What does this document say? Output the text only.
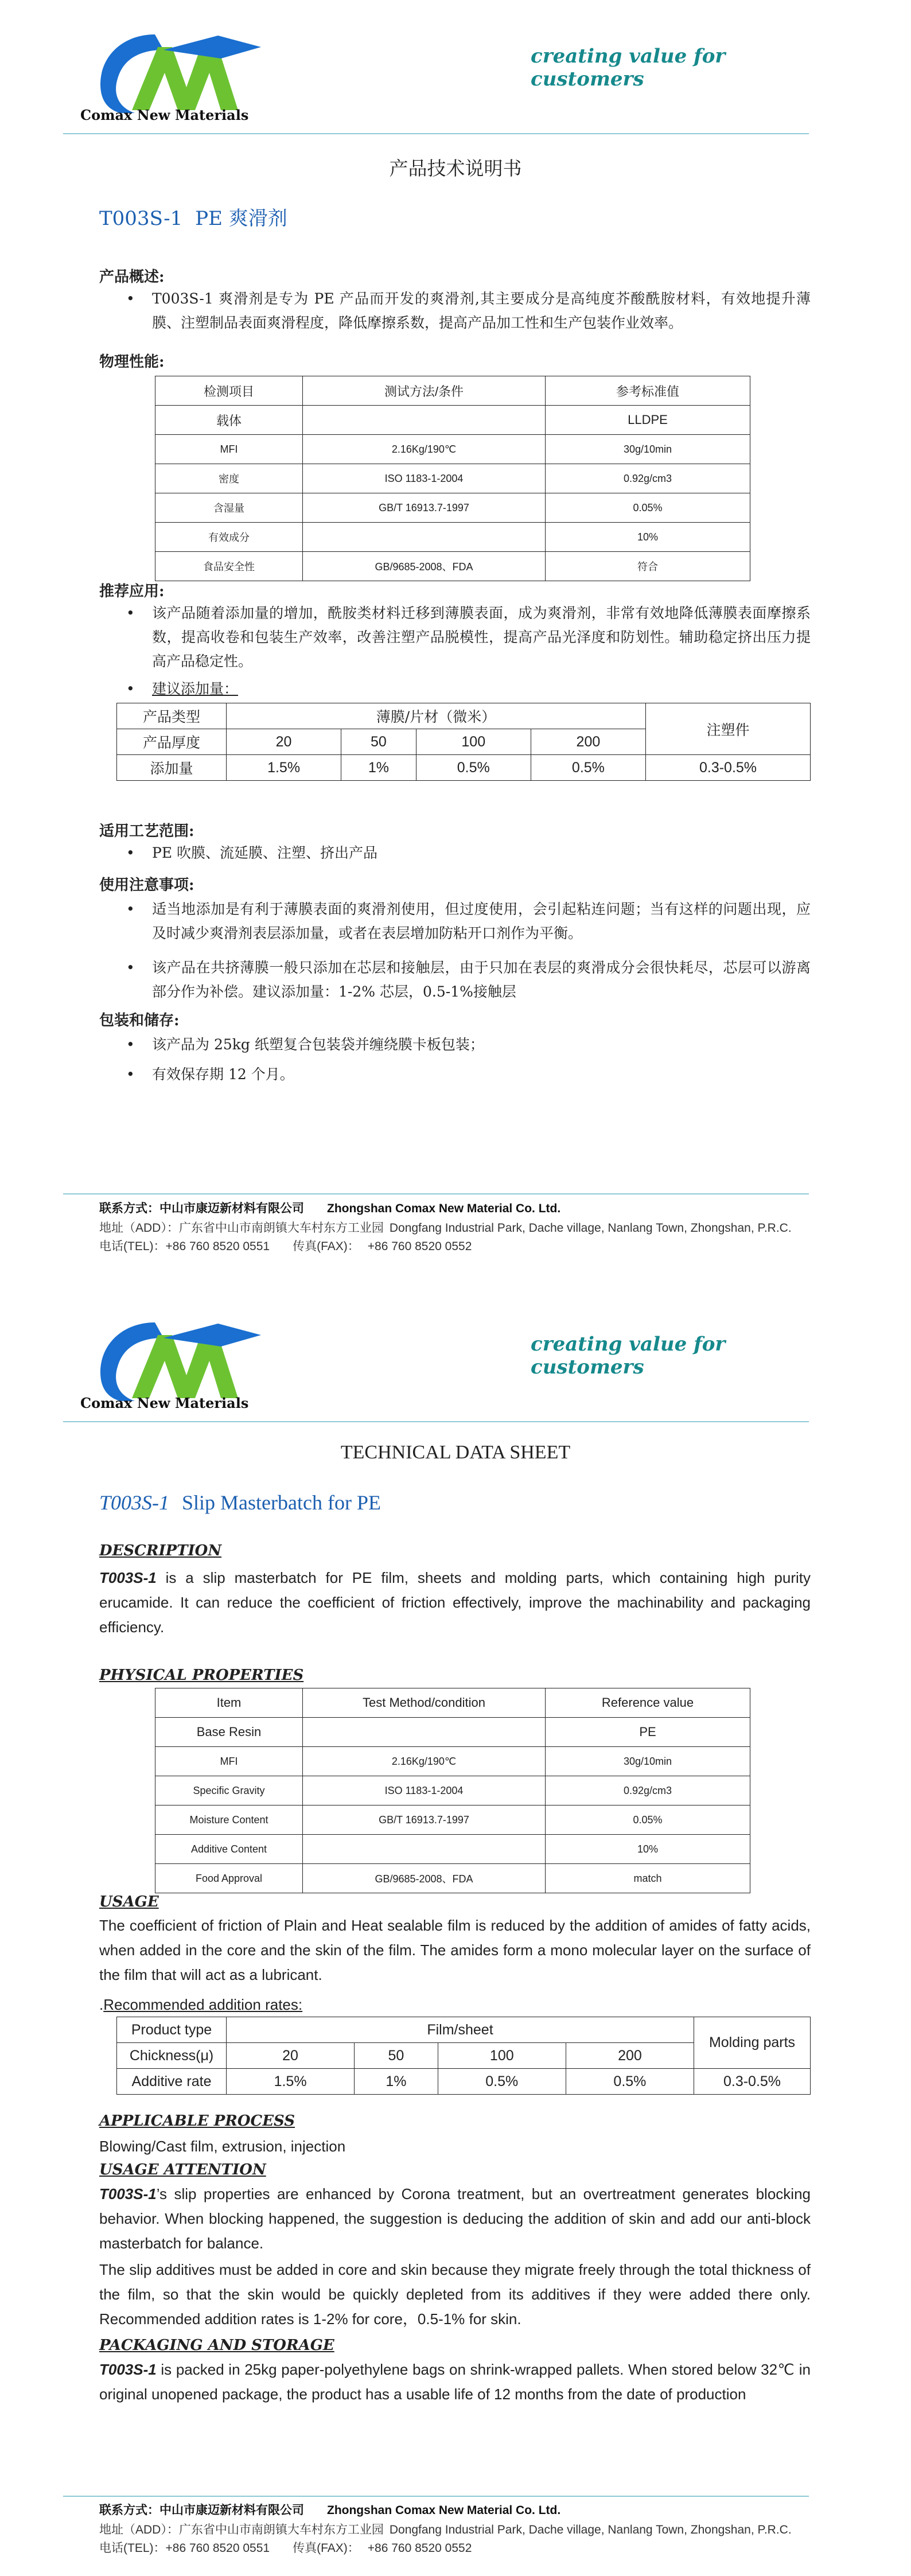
Comax New Materials
creating value for customers
产品技术说明书
T003S-1 PE 爽滑剂
产品概述:
• T003S-1 爽滑剂是专为 PE 产品而开发的爽滑剂,其主要成分是高纯度芥酸酰胺材料，有效地提升薄膜、注塑制品表面爽滑程度，降低摩擦系数，提高产品加工性和生产包装作业效率。
物理性能:
检测项目	测试方法/条件	参考标准值
载体		LLDPE
MFI	2.16Kg/190℃	30g/10min
密度	ISO 1183-1-2004	0.92g/cm3
含湿量	GB/T 16913.7-1997	0.05%
有效成分		10%
食品安全性	GB/9685-2008、FDA	符合
推荐应用:
• 该产品随着添加量的增加，酰胺类材料迁移到薄膜表面，成为爽滑剂，非常有效地降低薄膜表面摩擦系数，提高收卷和包装生产效率，改善注塑产品脱模性，提高产品光泽度和防划性。辅助稳定挤出压力提高产品稳定性。
• 建议添加量：
产品类型	薄膜/片材（微米）				注塑件
产品厚度	20	50	100	200	
添加量	1.5%	1%	0.5%	0.5%	0.3-0.5%
适用工艺范围:
• PE 吹膜、流延膜、注塑、挤出产品
使用注意事项:
• 适当地添加是有利于薄膜表面的爽滑剂使用，但过度使用，会引起粘连问题；当有这样的问题出现，应及时减少爽滑剂表层添加量，或者在表层增加防粘开口剂作为平衡。
• 该产品在共挤薄膜一般只添加在芯层和接触层，由于只加在表层的爽滑成分会很快耗尽，芯层可以游离部分作为补偿。建议添加量：1-2% 芯层，0.5-1%接触层
包装和储存:
• 该产品为 25kg 纸塑复合包装袋并缠绕膜卡板包装；
• 有效保存期 12 个月。
联系方式：中山市康迈新材料有限公司 Zhongshan Comax New Material Co. Ltd.
地址（ADD）：广东省中山市南朗镇大车村东方工业园 Dongfang Industrial Park, Dache village, Nanlang Town, Zhongshan, P.R.C.
电话(TEL)：+86 760 8520 0551 传真(FAX)： +86 760 8520 0552
Comax New Materials
creating value for customers
TECHNICAL DATA SHEET
T003S-1 Slip Masterbatch for PE
DESCRIPTION
T003S-1 is a slip masterbatch for PE film, sheets and molding parts, which containing high purity erucamide. It can reduce the coefficient of friction effectively, improve the machinability and packaging efficiency.
PHYSICAL PROPERTIES
Item	Test Method/condition	Reference value
Base Resin		PE
MFI	2.16Kg/190℃	30g/10min
Specific Gravity	ISO 1183-1-2004	0.92g/cm3
Moisture Content	GB/T 16913.7-1997	0.05%
Additive Content		10%
Food Approval	GB/9685-2008、FDA	match
USAGE
The coefficient of friction of Plain and Heat sealable film is reduced by the addition of amides of fatty acids, when added in the core and the skin of the film. The amides form a mono molecular layer on the surface of the film that will act as a lubricant.
.Recommended addition rates:
Product type	Film/sheet				Molding parts
Chickness(μ)	20	50	100	200	
Additive rate	1.5%	1%	0.5%	0.5%	0.3-0.5%
APPLICABLE PROCESS
Blowing/Cast film, extrusion, injection
USAGE ATTENTION
T003S-1’s slip properties are enhanced by Corona treatment, but an overtreatment generates blocking behavior. When blocking happened, the suggestion is deducing the addition of skin and add our anti-block masterbatch for balance.
The slip additives must be added in core and skin because they migrate freely through the total thickness of the film, so that the skin would be quickly depleted from its additives if they were added there only. Recommended addition rates is 1-2% for core，0.5-1% for skin.
PACKAGING AND STORAGE
T003S-1 is packed in 25kg paper-polyethylene bags on shrink-wrapped pallets. When stored below 32℃ in original unopened package, the product has a usable life of 12 months from the date of production
联系方式：中山市康迈新材料有限公司 Zhongshan Comax New Material Co. Ltd.
地址（ADD）：广东省中山市南朗镇大车村东方工业园 Dongfang Industrial Park, Dache village, Nanlang Town, Zhongshan, P.R.C.
电话(TEL)：+86 760 8520 0551 传真(FAX)： +86 760 8520 0552
